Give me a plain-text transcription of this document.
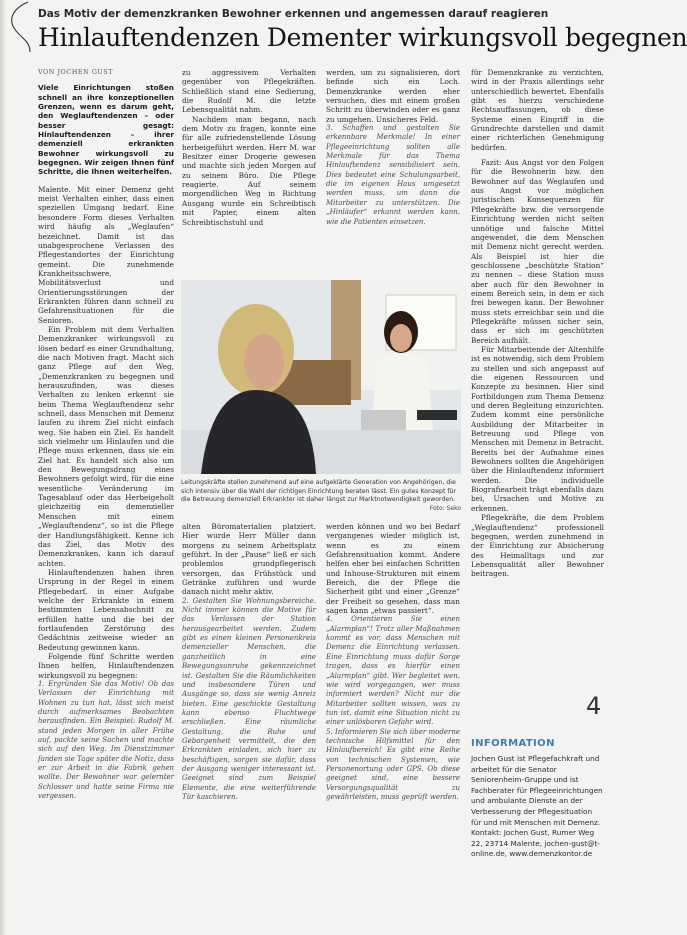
Das Motiv der demenzkranken Bewohner erkennen und angemessen darauf reagieren
Hinlauftendenzen Dementer wirkungsvoll begegnen

VON JOCHEN GUST

Viele Einrichtungen stoßen schnell an ihre konzeptionellen Grenzen, wenn es darum geht, den Weglauftendenzen – oder besser gesagt: Hinlauftendenzen – ihrer demenziell erkrankten Bewohner wirkungsvoll zu begegnen. Wir zeigen Ihnen fünf Schritte, die Ihnen weiterhelfen.

Malente. Mit einer Demenz geht meist Verhalten einher, dass einen speziellen Umgang bedarf. Eine besondere Form dieses Verhalten wird häufig als „Weglaufen“ bezeichnet. Damit ist das unabgesprochene Verlassen des Pflegestandortes der Einrichtung gemeint. Die zunehmende Krankheitsschwere, Mobilitätsverlust und Orientierungsstörungen der Erkrankten führen dann schnell zu Gefahrensituationen für die Senioren.

Ein Problem mit dem Verhalten Demenzkranker wirkungsvoll zu lösen bedarf es einer Grundhaltung, die nach Motiven fragt. Macht sich ganz Pflege auf den Weg, „Demenzkranken zu begegnen und herauszufinden, was dieses Verhalten zu lenken erkennt sie beim Thema Weglauftendenz sehr schnell, dass Menschen mit Demenz laufen zu ihrem Ziel nicht einfach weg. Sie haben ein Ziel. Es handelt sich vielmehr um Hinlaufen und die Pflege muss erkennen, dass sie ein Ziel hat. Es handelt sich also um den Bewegungsdrang eines Bewohners gefolgt wird, für die eine wesentliche Veränderung im Tagesablauf oder das Herbeigeholt gleichzeitig ein demenzieller Menschen mit einem „Weglauftendenz“, so ist die Pflege der Handlungsfähigkeit. Kenne ich das Ziel, das Motiv des Demenzkranken, kann ich darauf achten.

Hinlauftendenzen haben ihren Ursprung in der Regel in einem Pflegebedarf, in einer Aufgabe welche der Erkrankte in einem bestimmten Lebensabschnitt zu erfüllen hatte und die bei der fortlaufenden Zerstörung des Gedächtnis zeitweise wieder an Bedeutung gewinnen kann.

Folgende fünf Schritte werden Ihnen helfen, Hinlauftendenzen wirkungsvoll zu begegnen:

1. Ergründen Sie das Motiv! Ob das Verlassen der Einrichtung mit Wohnen zu tun hat, lässt sich meist durch aufmerksames Beobachten herausfinden. Ein Beispiel: Rudolf M. stand jeden Morgen in aller Frühe auf, packte seine Sachen und machte sich auf den Weg. Im Dienstzimmer fanden sie Tage später die Notiz, dass er zur Arbeit in die Fabrik gehen wollte. Der Bewohner war gelernter Schlosser und hatte seine Firma nie vergessen.

zu aggressivem Verhalten gegenüber von Pflegekräften. Schließlich stand eine Sedierung, die Rudolf M. die letzte Lebensqualität nahm.

Nachdem man begann, nach dem Motiv zu fragen, konnte eine für alle zufriedenstellende Lösung herbeigeführt werden. Herr M. war Besitzer einer Drogerie gewesen und machte sich jeden Morgen auf zu seinem Büro. Die Pflege reagierte. Auf seinem morgendlichen Weg in Richtung Ausgang wurde ein Schreibtisch mit Papier, einem alten Schreibtischstuhl und

werden, um zu signalisieren, dort befinde sich ein Loch. Demenzkranke werden eher versuchen, dies mit einem großen Schritt zu überwinden oder es ganz zu umgehen. Unsicheres Feld.

3. Schaffen und gestalten Sie erkennbare Merkmale! In einer Pflegeeinrichtung sollten alle Merkmale für das Thema Hinlauftendenz sensibilisiert sein. Dies bedeutet eine Schulungsarbeit, die im eigenen Haus umgesetzt werden muss, um dann die Mitarbeiter zu unterstützen. Die „Hinläufer“ erkannt werden kann, wie die Patienten einsetzen.

für Demenzkranke zu verzichten, wird in der Praxis allerdings sehr unterschiedlich bewertet. Ebenfalls gibt es hierzu verschiedene Rechtsauffassungen, ob diese Systeme einen Eingriff in die Grundrechte darstellen und damit einer richterlichen Genehmigung bedürfen.

Fazit: Aus Angst vor den Folgen für die Bewohnerin bzw. den Bewohner auf das Weglaufen und aus Angst vor möglichen juristischen Konsequenzen für Pflegekräfte bzw. die versorgende Einrichtung werden nicht selten unnötige und falsche Mittel angewendet, die dem Menschen mit Demenz nicht gerecht werden. Als Beispiel ist hier die geschlossene „beschützte Station“ zu nennen – diese Station muss aber auch für den Bewohner in einem Bereich sein, in dem er sich frei bewegen kann. Der Bewohner muss stets erreichbar sein und die Pflegekräfte müssen sicher sein, dass er sich im geschützten Bereich aufhält.

Für Mitarbeitende der Altenhilfe ist es notwendig, sich dem Problem zu stellen und sich angepasst auf die eigenen Ressourcen und Konzepte zu besinnen. Hier sind Fortbildungen zum Thema Demenz und deren Begleitung einzurichten. Zudem kommt eine persönliche Ausbildung der Mitarbeiter in Betreuung und Pflege von Menschen mit Demenz in Betracht. Bereits bei der Aufnahme eines Bewohners sollten die Angehörigen über die Hinlauftendenz informiert werden. Die individuelle Biografiearbeit trägt ebenfalls dazu bei, Ursachen und Motive zu erkennen.

Pflegekräfte, die dem Problem „Weglauftendenz“ professionell begegnen, werden zunehmend in der Einrichtung zur Absicherung des Heimalltags und zur Lebensqualität aller Bewohner beitragen.

Leitungskräfte stellen zunehmend auf eine aufgeklärte Generation von Angehörigen, die sich intensiv über die Wahl der richtigen Einrichtung beraten lässt. Ein gutes Konzept für die Betreuung demenziell Erkrankter ist daher längst zur Marktnotwendigkeit geworden.
Foto: Seko

alten Büromaterialien platziert. Hier wurde Herr Müller dann morgens zu seinem Arbeitsplatz geführt. In der „Pause“ ließ er sich problemlos grundpflegerisch versorgen, das Frühstück und Getränke zuführen und wurde danach nicht mehr aktiv.

2. Gestalten Sie Wohnungsbereiche. Nicht immer können die Motive für das Verlassen der Station herausgearbeitet werden. Zudem gibt es einen kleinen Personenkreis demenzieller Menschen, die ganzheitlich in eine Bewegungsunruhe gekennzeichnet ist. Gestalten Sie die Räumlichkeiten und insbesondere Türen und Ausgänge so, dass sie wenig Anreiz bieten. Eine geschickte Gestaltung kann ebenso Fluchtwege erschließen. Eine räumliche Gestaltung, die Ruhe und Geborgenheit vermittelt, die den Erkrankten einladen, sich hier zu beschäftigen, sorgen sie dafür, dass der Ausgang weniger interessant ist. Geeignet sind zum Beispiel Elemente, die eine weiterführende Tür kaschieren.

werden können und wo bei Bedarf vergangenes wieder möglich ist, wenn es zu einem Gefahrensituation kommt. Andere helfen eher bei einfachen Schritten und Inhouse-Strukturen mit einem Bereich, die der Pflege die Sicherheit gibt und einer „Grenze“ der Freiheit so gesehen, dass man sagen kann „etwas passiert“.

4. Orientieren Sie einen „Alarmplan“! Trotz aller Maßnahmen kommt es vor, dass Menschen mit Demenz die Einrichtung verlassen. Eine Einrichtung muss dafür Sorge tragen, dass es hierfür einen „Alarmplan“ gibt. Wer begleitet wen, wie wird vorgegangen, wer muss informiert werden? Nicht nur die Mitarbeiter sollten wissen, was zu tun ist, damit eine Situation nicht zu einer unlösbaren Gefahr wird.

5. Informieren Sie sich über moderne technische Hilfsmittel für den Hinlaufbereich! Es gibt eine Reihe von technischen Systemen, wie Personenortung oder GPS. Ob diese geeignet sind, eine bessere Versorgungsqualität zu gewährleisten, muss geprüft werden.

4
INFORMATION
Jochen Gust ist Pflegefachkraft und arbeitet für die Senator Seniorenheim-Gruppe und ist Fachberater für Pflegeeinrichtungen und ambulante Dienste an der Verbesserung der Pflegesituation für und mit Menschen mit Demenz. Kontakt: Jochen Gust, Rumer Weg 22, 23714 Malente, jochen-gust@t-online.de, www.demenzkontor.de
